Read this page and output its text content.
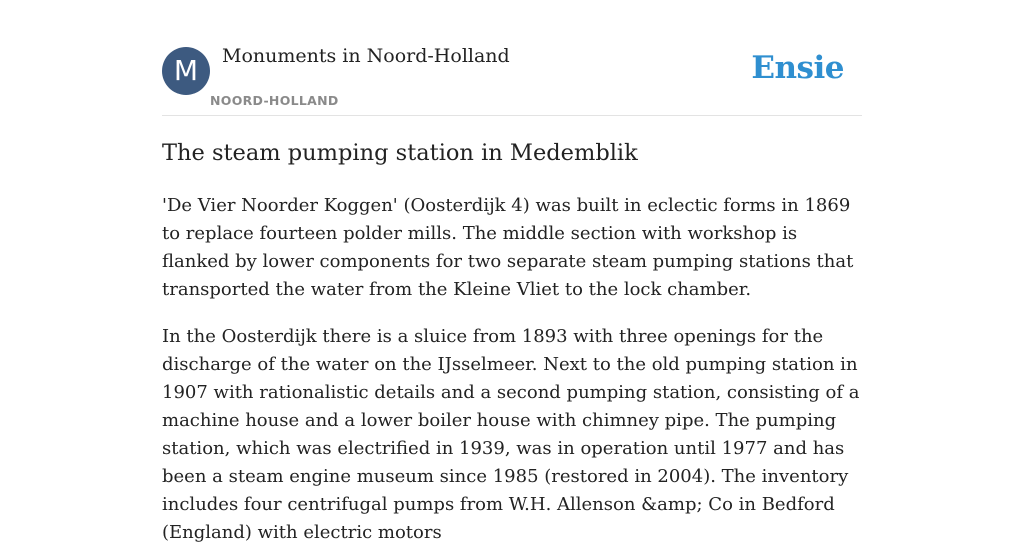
M	Monuments in Noord-Holland
NOORD-HOLLAND
Ensie
The steam pumping station in Medemblik

'De Vier Noorder Koggen' (Oosterdijk 4) was built in eclectic forms in 1869 to replace fourteen polder mills. The middle section with workshop is flanked by lower components for two separate steam pumping stations that transported the water from the Kleine Vliet to the lock chamber.

In the Oosterdijk there is a sluice from 1893 with three openings for the discharge of the water on the IJsselmeer. Next to the old pumping station in 1907 with rationalistic details and a second pumping station, consisting of a machine house and a lower boiler house with chimney pipe. The pumping station, which was electrified in 1939, was in operation until 1977 and has been a steam engine museum since 1985 (restored in 2004). The inventory includes four centrifugal pumps from W.H. Allenson &amp; Co in Bedford (England) with electric motors
